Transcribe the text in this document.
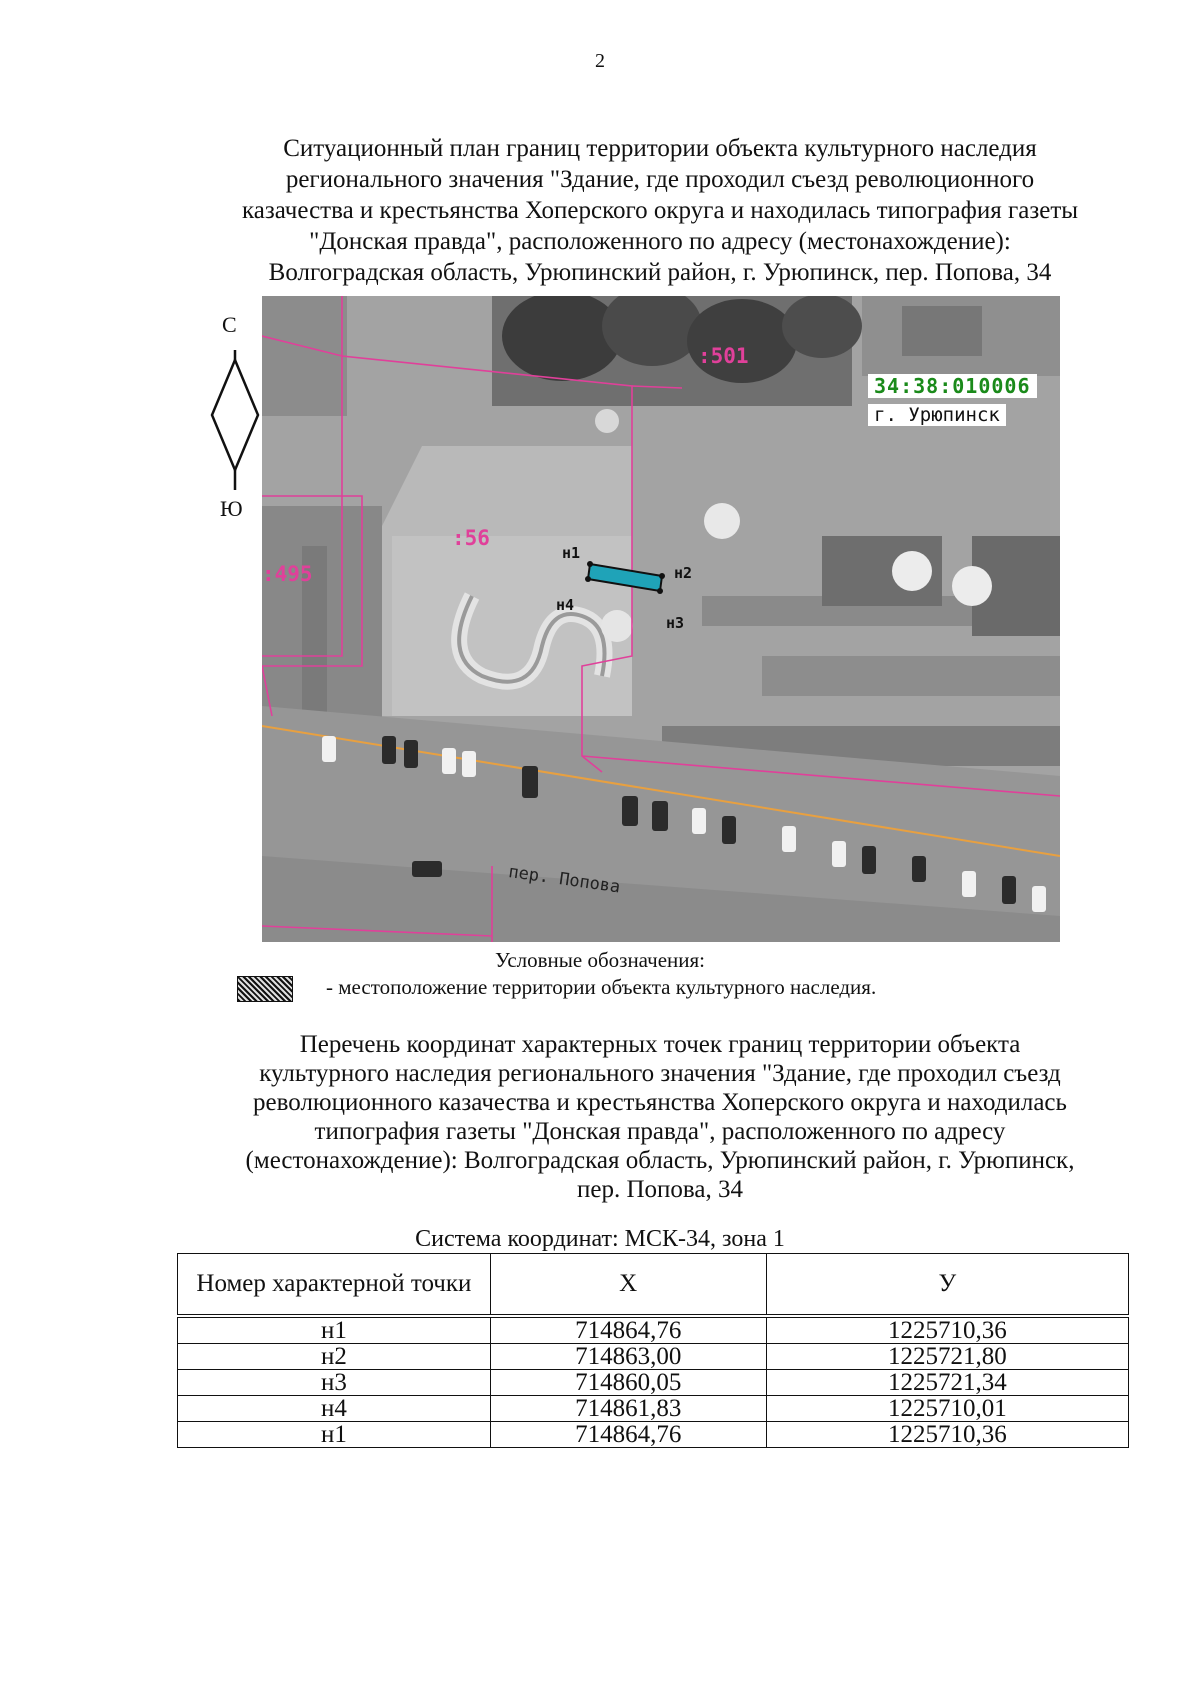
2
Ситуационный план границ территории объекта культурного наследия
регионального значения "Здание, где проходил съезд революционного
казачества и крестьянства Хоперского округа и находилась типография газеты
"Донская правда", расположенного по адресу (местонахождение):
Волгоградская область, Урюпинский район, г. Урюпинск, пер. Попова, 34
С
Ю
34:38:010006
г. Урюпинск
:501
:56
:495
н1
н2
н3
н4
пер. Попова
Условные обозначения:
- местоположение территории объекта культурного наследия.
Перечень координат характерных точек границ территории объекта
культурного наследия регионального значения "Здание, где проходил съезд
революционного казачества и крестьянства Хоперского округа и находилась
типография газеты "Донская правда", расположенного по адресу
(местонахождение): Волгоградская область, Урюпинский район, г. Урюпинск,
пер. Попова, 34
Система координат: МСК-34, зона 1
Номер характерной точки	Х	У
н1	714864,76	1225710,36
н2	714863,00	1225721,80
н3	714860,05	1225721,34
н4	714861,83	1225710,01
н1	714864,76	1225710,36
